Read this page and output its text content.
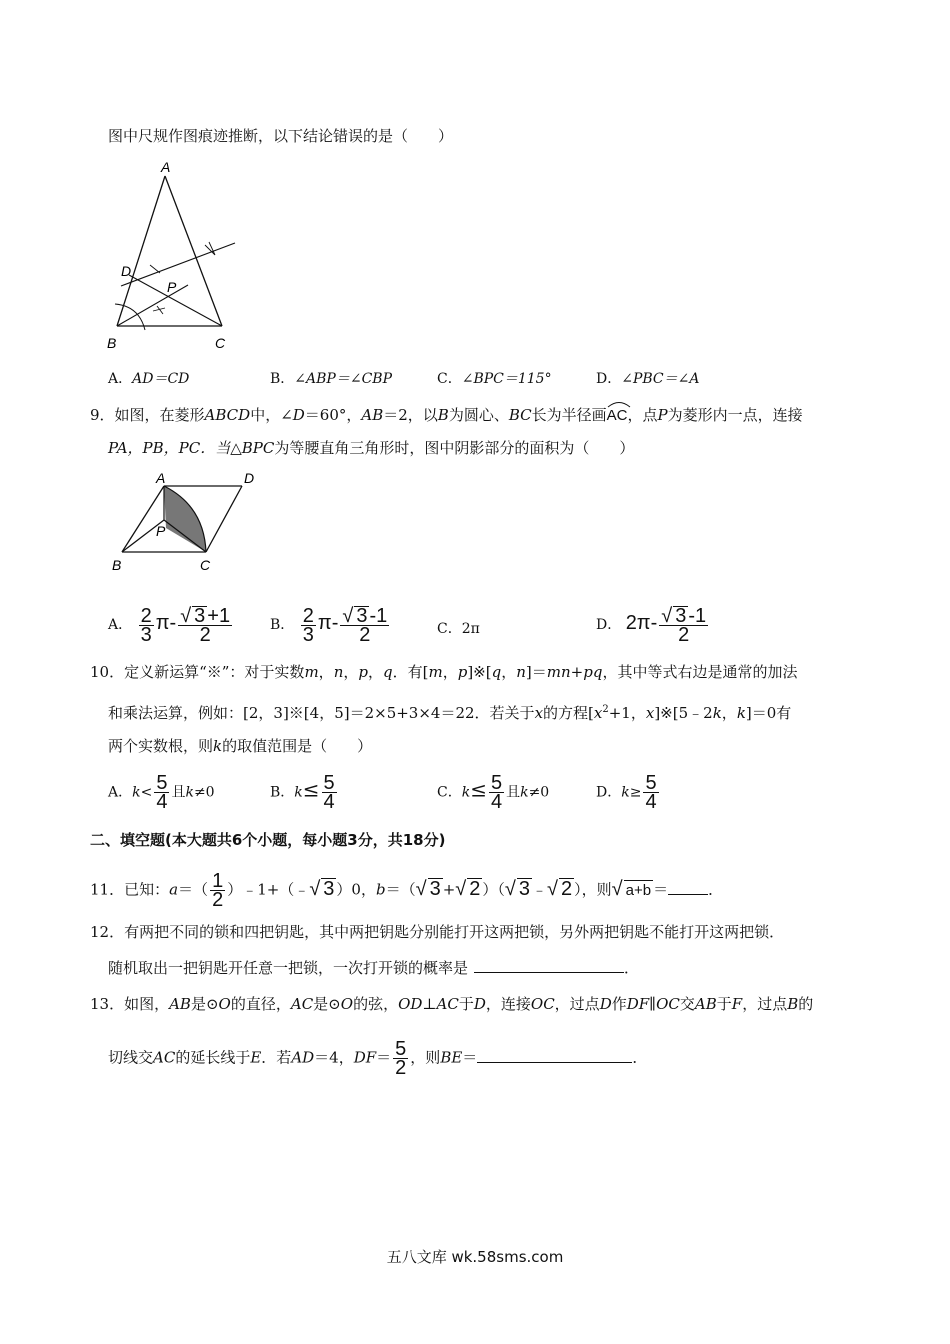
图中尺规作图痕迹推断，以下结论错误的是（　　）
A
B	C
D
P
A．AD＝CD	B．∠ABP＝∠CBP	C．∠BPC＝115°	D．∠PBC＝∠A
9．如图，在菱形ABCD中，∠D＝60°，AB＝2，以B为圆心、BC长为半径画
AC，点P为菱形内一点，连接
PA，PB，PC．当△BPC为等腰直角三角形时，图中阴影部分的面积为（　　）
A	D
B	C
P
A． $\frac{2}{3} \pi- \frac{√ 3 +1}{2}$	B． $\frac{2}{3} \pi- \frac{√ 3 -1}{2}$	C．2π	D． $2\pi- \frac{√ 3 -1}{2}$
10．定义新运算“※”：对于实数m，n，p，q．有[m，p]※[q，n]＝mn+pq，其中等式右边是通常的加法
和乘法运算，例如：[2，3]※[4，5]＝2×5+3×4＝22．若关于x的方程[$x^2+1$，x]※[5﹣2k，k]＝0有
两个实数根，则k的取值范围是（　　）
A．$k< \frac{5}{4}$ 且k≠0	B．$k\le \frac{5}{4}$	C．$k\le \frac{5}{4}$ 且k≠0	D．$k\ge \frac{5}{4}$
二、填空题(本大题共6个小题，每小题3分，共18分)
11．已知：$a=( \frac{1}{2}$ ）﹣1+（﹣√ 3 ）0，b＝（√ 3 +√ 2 ）（√ 3 ﹣√ 2 ），则√ a+b ＝	．
12．有两把不同的锁和四把钥匙，其中两把钥匙分别能打开这两把锁，另外两把钥匙不能打开这两把锁．
随机取出一把钥匙开任意一把锁，一次打开锁的概率是	．
13．如图，AB是⊙O的直径，AC是⊙O的弦，OD⊥AC于D，连接OC，过点D作DF∥OC交AB于F，过点B的
切线交AC的延长线于E．若AD＝4，$DF= \frac{5}{2}$ ，则BE＝	．
五八文库 wk.58sms.com
